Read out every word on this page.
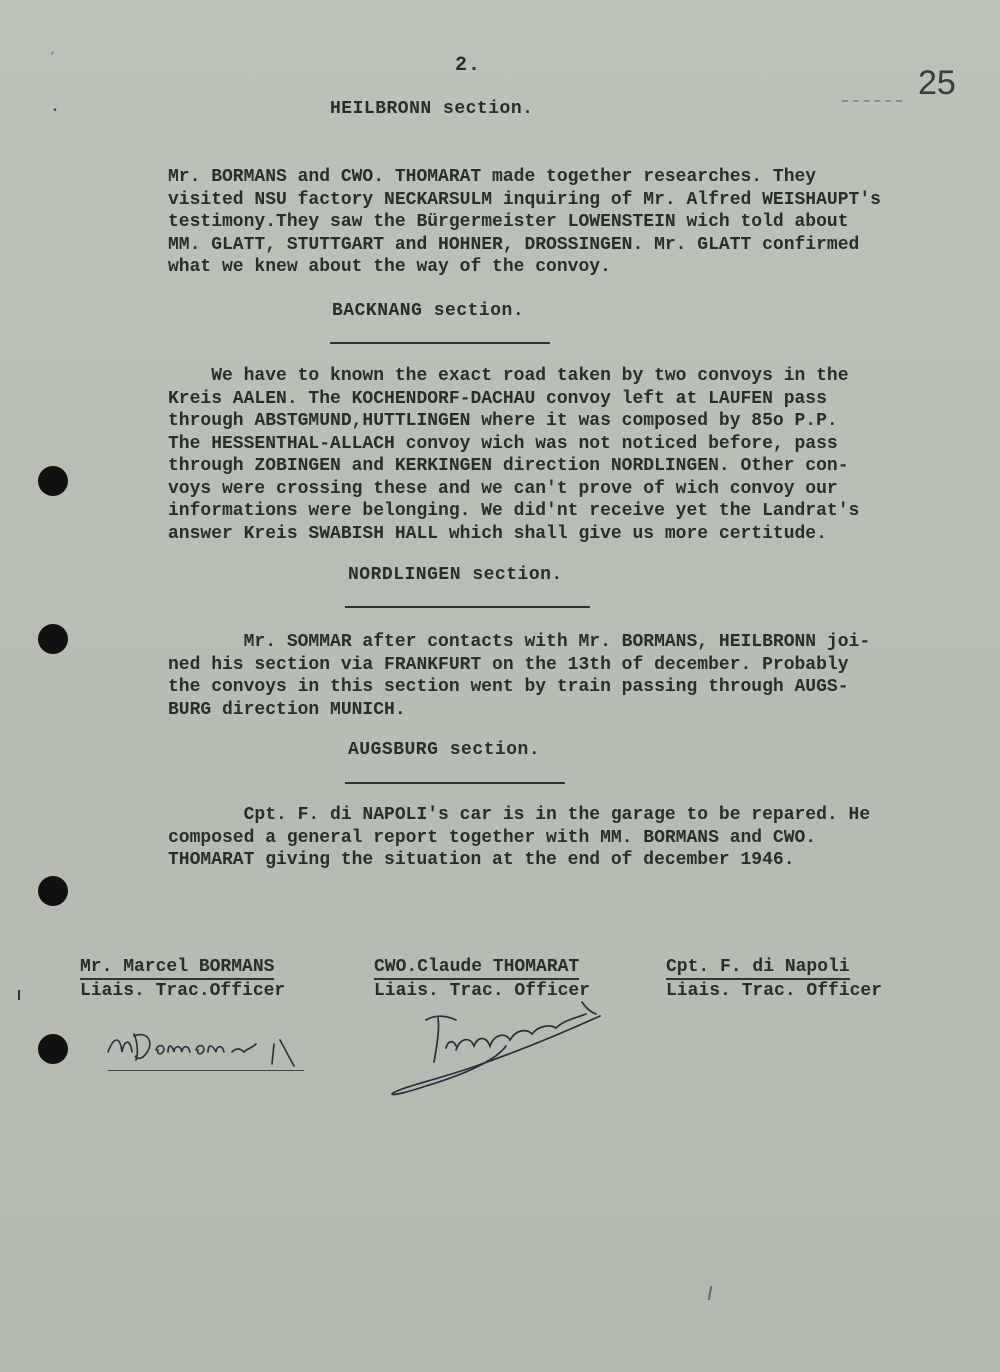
2.	25
,
•	HEILBRONN section.
Mr. BORMANS and CWO. THOMARAT made together researches. They
visited NSU factory NECKARSULM inquiring of Mr. Alfred WEISHAUPT's
testimony.They saw the Bürgermeister LOWENSTEIN wich told about
MM. GLATT, STUTTGART and HOHNER, DROSSINGEN. Mr. GLATT confirmed
what we knew about the way of the convoy.
BACKNANG section.
We have to known the exact road taken by two convoys in the
Kreis AALEN. The KOCHENDORF-DACHAU convoy left at LAUFEN pass
through ABSTGMUND,HUTTLINGEN where it was composed by 85o P.P.
The HESSENTHAL-ALLACH convoy wich was not noticed before, pass
through ZOBINGEN and KERKINGEN direction NORDLINGEN. Other con-
voys were crossing these and we can't prove of wich convoy our
informations were belonging. We did'nt receive yet the Landrat's
answer Kreis SWABISH HALL which shall give us more certitude.
NORDLINGEN section.
Mr. SOMMAR after contacts with Mr. BORMANS, HEILBRONN joi-
ned his section via FRANKFURT on the 13th of december. Probably
the convoys in this section went by train passing through AUGS-
BURG direction MUNICH.
AUGSBURG section.
Cpt. F. di NAPOLI's car is in the garage to be repared. He
composed a general report together with MM. BORMANS and CWO.
THOMARAT giving the situation at the end of december 1946.
Mr. Marcel BORMANS
Liais. Trac.Officer
CWO.Claude THOMARAT
Liais. Trac. Officer
Cpt. F. di Napoli
Liais. Trac. Officer
